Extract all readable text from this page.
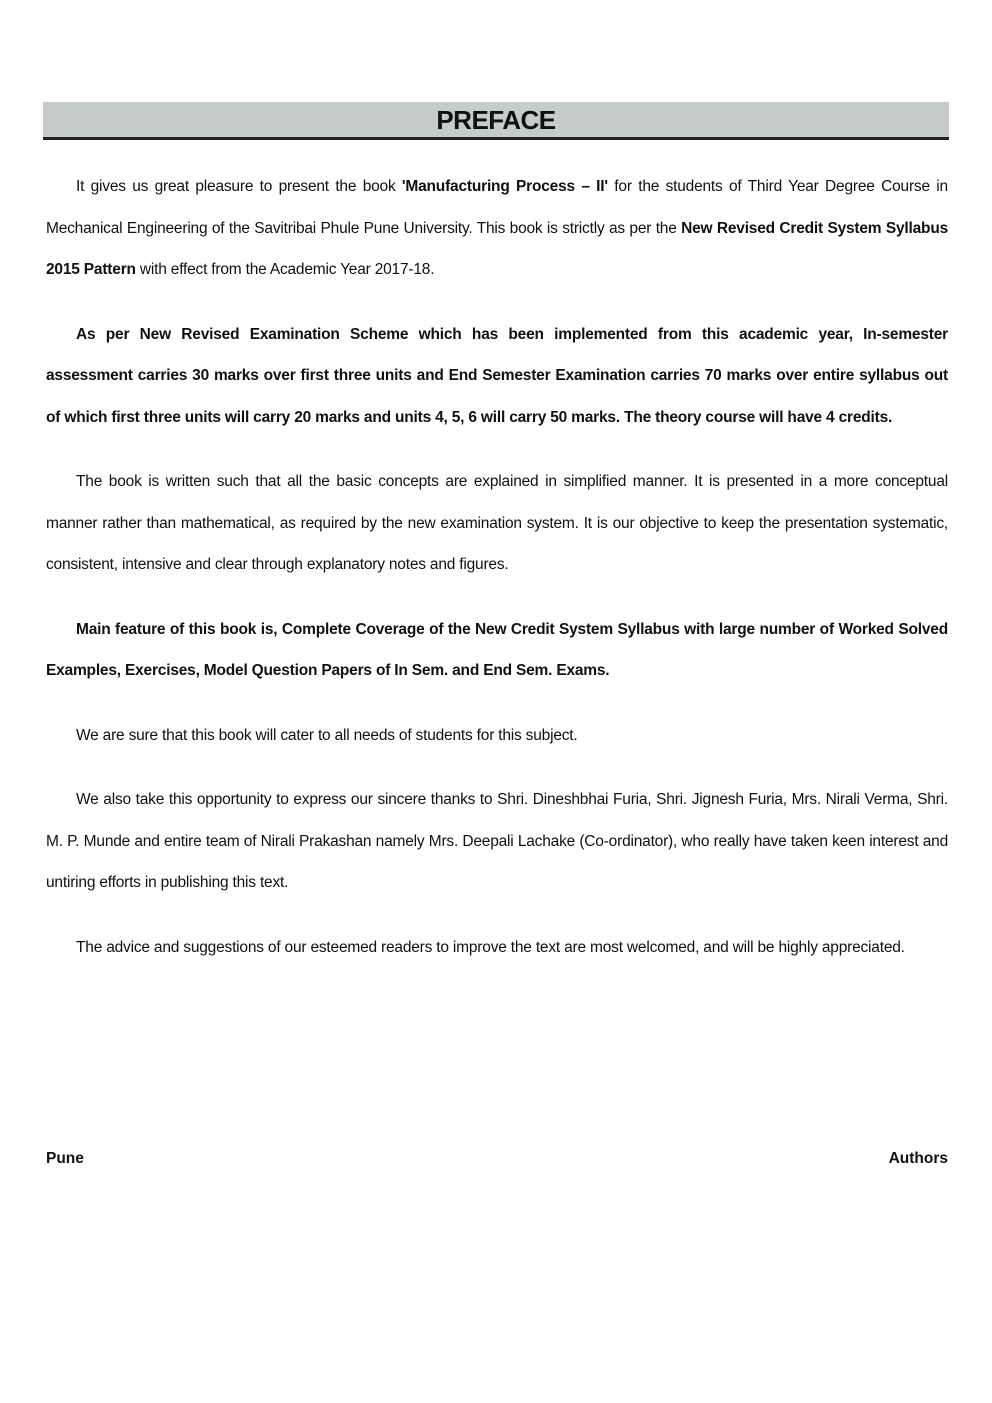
PREFACE

It gives us great pleasure to present the book 'Manufacturing Process – II' for the students of Third Year Degree Course in Mechanical Engineering of the Savitribai Phule Pune University. This book is strictly as per the New Revised Credit System Syllabus 2015 Pattern with effect from the Academic Year 2017-18.

As per New Revised Examination Scheme which has been implemented from this academic year, In-semester assessment carries 30 marks over first three units and End Semester Examination carries 70 marks over entire syllabus out of which first three units will carry 20 marks and units 4, 5, 6 will carry 50 marks. The theory course will have 4 credits.

The book is written such that all the basic concepts are explained in simplified manner. It is presented in a more conceptual manner rather than mathematical, as required by the new examination system. It is our objective to keep the presentation systematic, consistent, intensive and clear through explanatory notes and figures.

Main feature of this book is, Complete Coverage of the New Credit System Syllabus with large number of Worked Solved Examples, Exercises, Model Question Papers of In Sem. and End Sem. Exams.

We are sure that this book will cater to all needs of students for this subject.

We also take this opportunity to express our sincere thanks to Shri. Dineshbhai Furia, Shri. Jignesh Furia, Mrs. Nirali Verma, Shri. M. P. Munde and entire team of Nirali Prakashan namely Mrs. Deepali Lachake (Co-ordinator), who really have taken keen interest and untiring efforts in publishing this text.

The advice and suggestions of our esteemed readers to improve the text are most welcomed, and will be highly appreciated.

Pune	Authors
